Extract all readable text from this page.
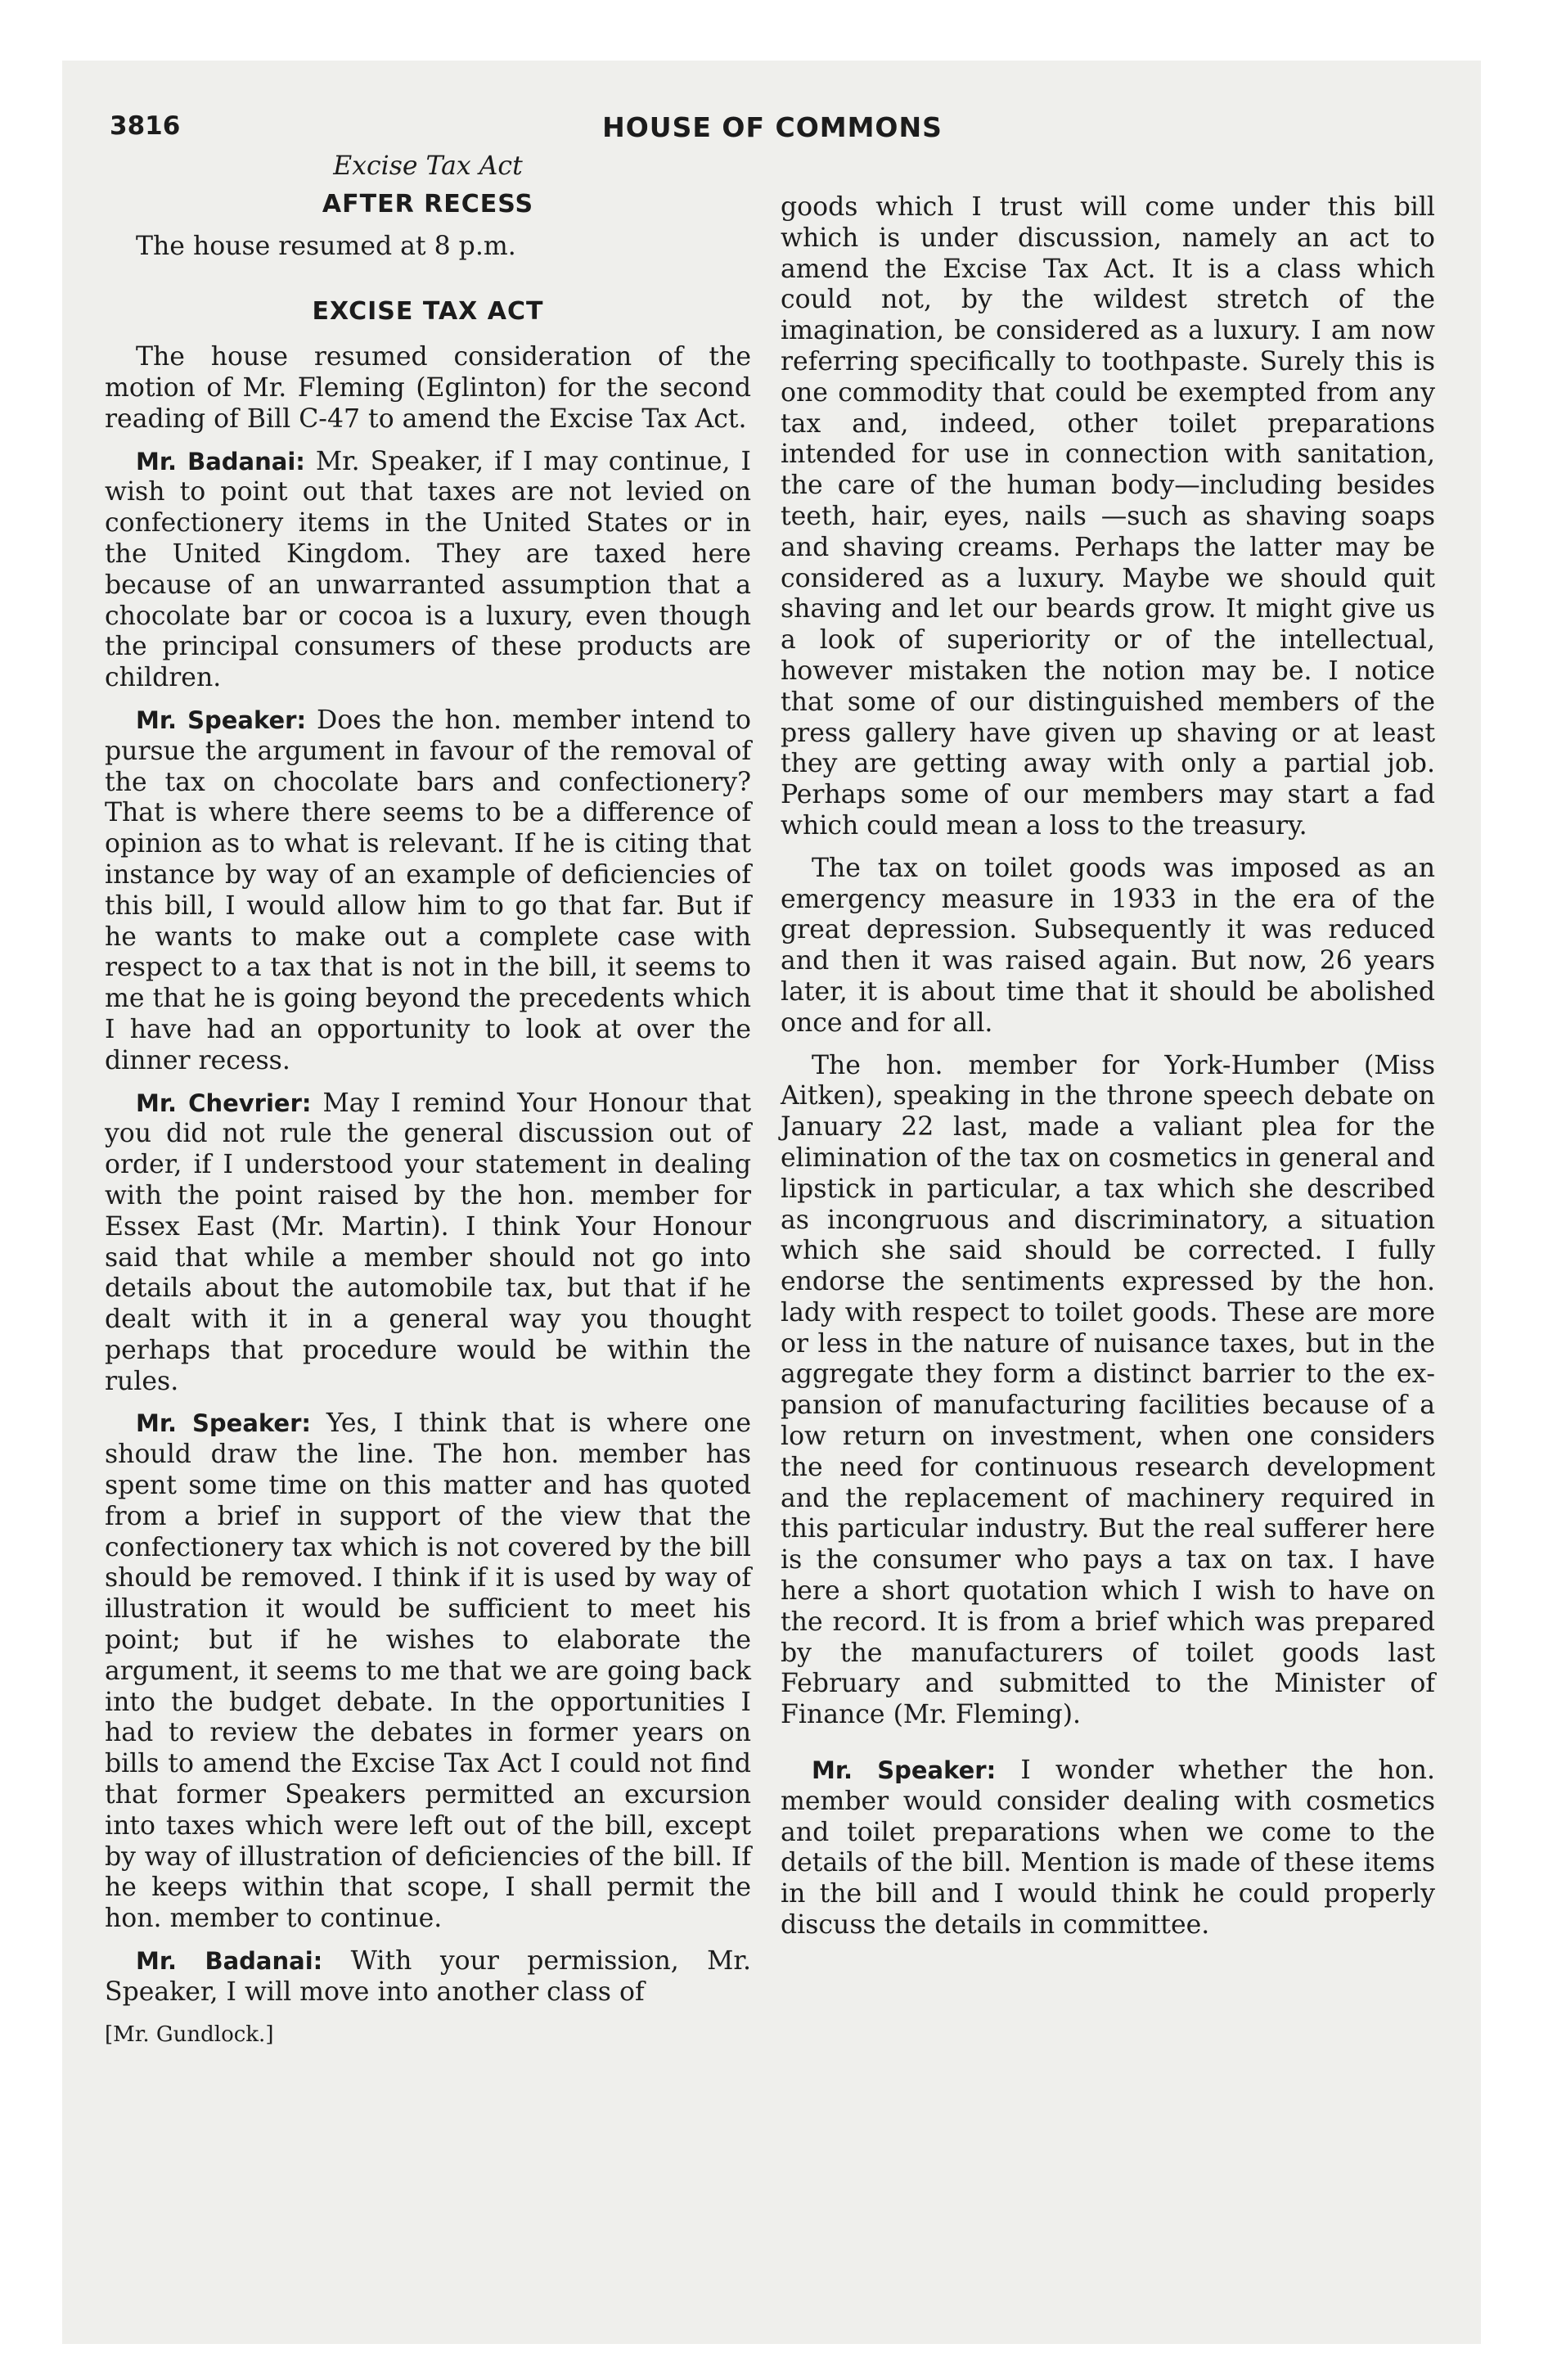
3816	HOUSE OF COMMONS

Excise Tax Act

AFTER RECESS

The house resumed at 8 p.m.

EXCISE TAX ACT

The house resumed consideration of the motion of Mr. Fleming (Eglinton) for the second reading of Bill C-47 to amend the Excise Tax Act.

Mr. Badanai: Mr. Speaker, if I may continue, I wish to point out that taxes are not levied on confectionery items in the United States or in the United Kingdom. They are taxed here because of an unwarranted assumption that a chocolate bar or cocoa is a luxury, even though the principal consumers of these products are children.

Mr. Speaker: Does the hon. member intend to pursue the argument in favour of the removal of the tax on chocolate bars and confectionery? That is where there seems to be a difference of opinion as to what is relevant. If he is citing that instance by way of an example of deficiencies of this bill, I would allow him to go that far. But if he wants to make out a complete case with respect to a tax that is not in the bill, it seems to me that he is going beyond the precedents which I have had an opportunity to look at over the dinner recess.

Mr. Chevrier: May I remind Your Honour that you did not rule the general discussion out of order, if I understood your statement in dealing with the point raised by the hon. member for Essex East (Mr. Martin). I think Your Honour said that while a member should not go into details about the automobile tax, but that if he dealt with it in a general way you thought perhaps that procedure would be within the rules.

Mr. Speaker: Yes, I think that is where one should draw the line. The hon. member has spent some time on this matter and has quoted from a brief in support of the view that the confectionery tax which is not covered by the bill should be removed. I think if it is used by way of illustration it would be sufficient to meet his point; but if he wishes to elaborate the argument, it seems to me that we are going back into the budget debate. In the opportunities I had to review the debates in former years on bills to amend the Excise Tax Act I could not find that former Speakers permitted an excursion into taxes which were left out of the bill, except by way of illustration of deficiencies of the bill. If he keeps within that scope, I shall permit the hon. member to continue.

Mr. Badanai: With your permission, Mr. Speaker, I will move into another class of

[Mr. Gundlock.]

goods which I trust will come under this bill which is under discussion, namely an act to amend the Excise Tax Act. It is a class which could not, by the wildest stretch of the imagination, be considered as a luxury. I am now referring specifically to toothpaste. Surely this is one commodity that could be exempted from any tax and, indeed, other toilet preparations intended for use in connection with sanitation, the care of the human body—including besides teeth, hair, eyes, nails —such as shaving soaps and shaving creams. Perhaps the latter may be considered as a luxury. Maybe we should quit shaving and let our beards grow. It might give us a look of superiority or of the intellectual, however mistaken the notion may be. I notice that some of our distinguished members of the press gallery have given up shaving or at least they are getting away with only a partial job. Perhaps some of our members may start a fad which could mean a loss to the treasury.

The tax on toilet goods was imposed as an emergency measure in 1933 in the era of the great depression. Subsequently it was reduced and then it was raised again. But now, 26 years later, it is about time that it should be abolished once and for all.

The hon. member for York-Humber (Miss Aitken), speaking in the throne speech debate on January 22 last, made a valiant plea for the elimination of the tax on cosmetics in general and lipstick in particular, a tax which she described as incongruous and discriminatory, a situation which she said should be corrected. I fully endorse the sentiments expressed by the hon. lady with respect to toilet goods. These are more or less in the nature of nuisance taxes, but in the aggregate they form a distinct barrier to the expansion of manufacturing facilities because of a low return on investment, when one considers the need for continuous research development and the replacement of machinery required in this particular industry. But the real sufferer here is the consumer who pays a tax on tax. I have here a short quotation which I wish to have on the record. It is from a brief which was prepared by the manufacturers of toilet goods last February and submitted to the Minister of Finance (Mr. Fleming).

Mr. Speaker: I wonder whether the hon. member would consider dealing with cosmetics and toilet preparations when we come to the details of the bill. Mention is made of these items in the bill and I would think he could properly discuss the details in committee.
